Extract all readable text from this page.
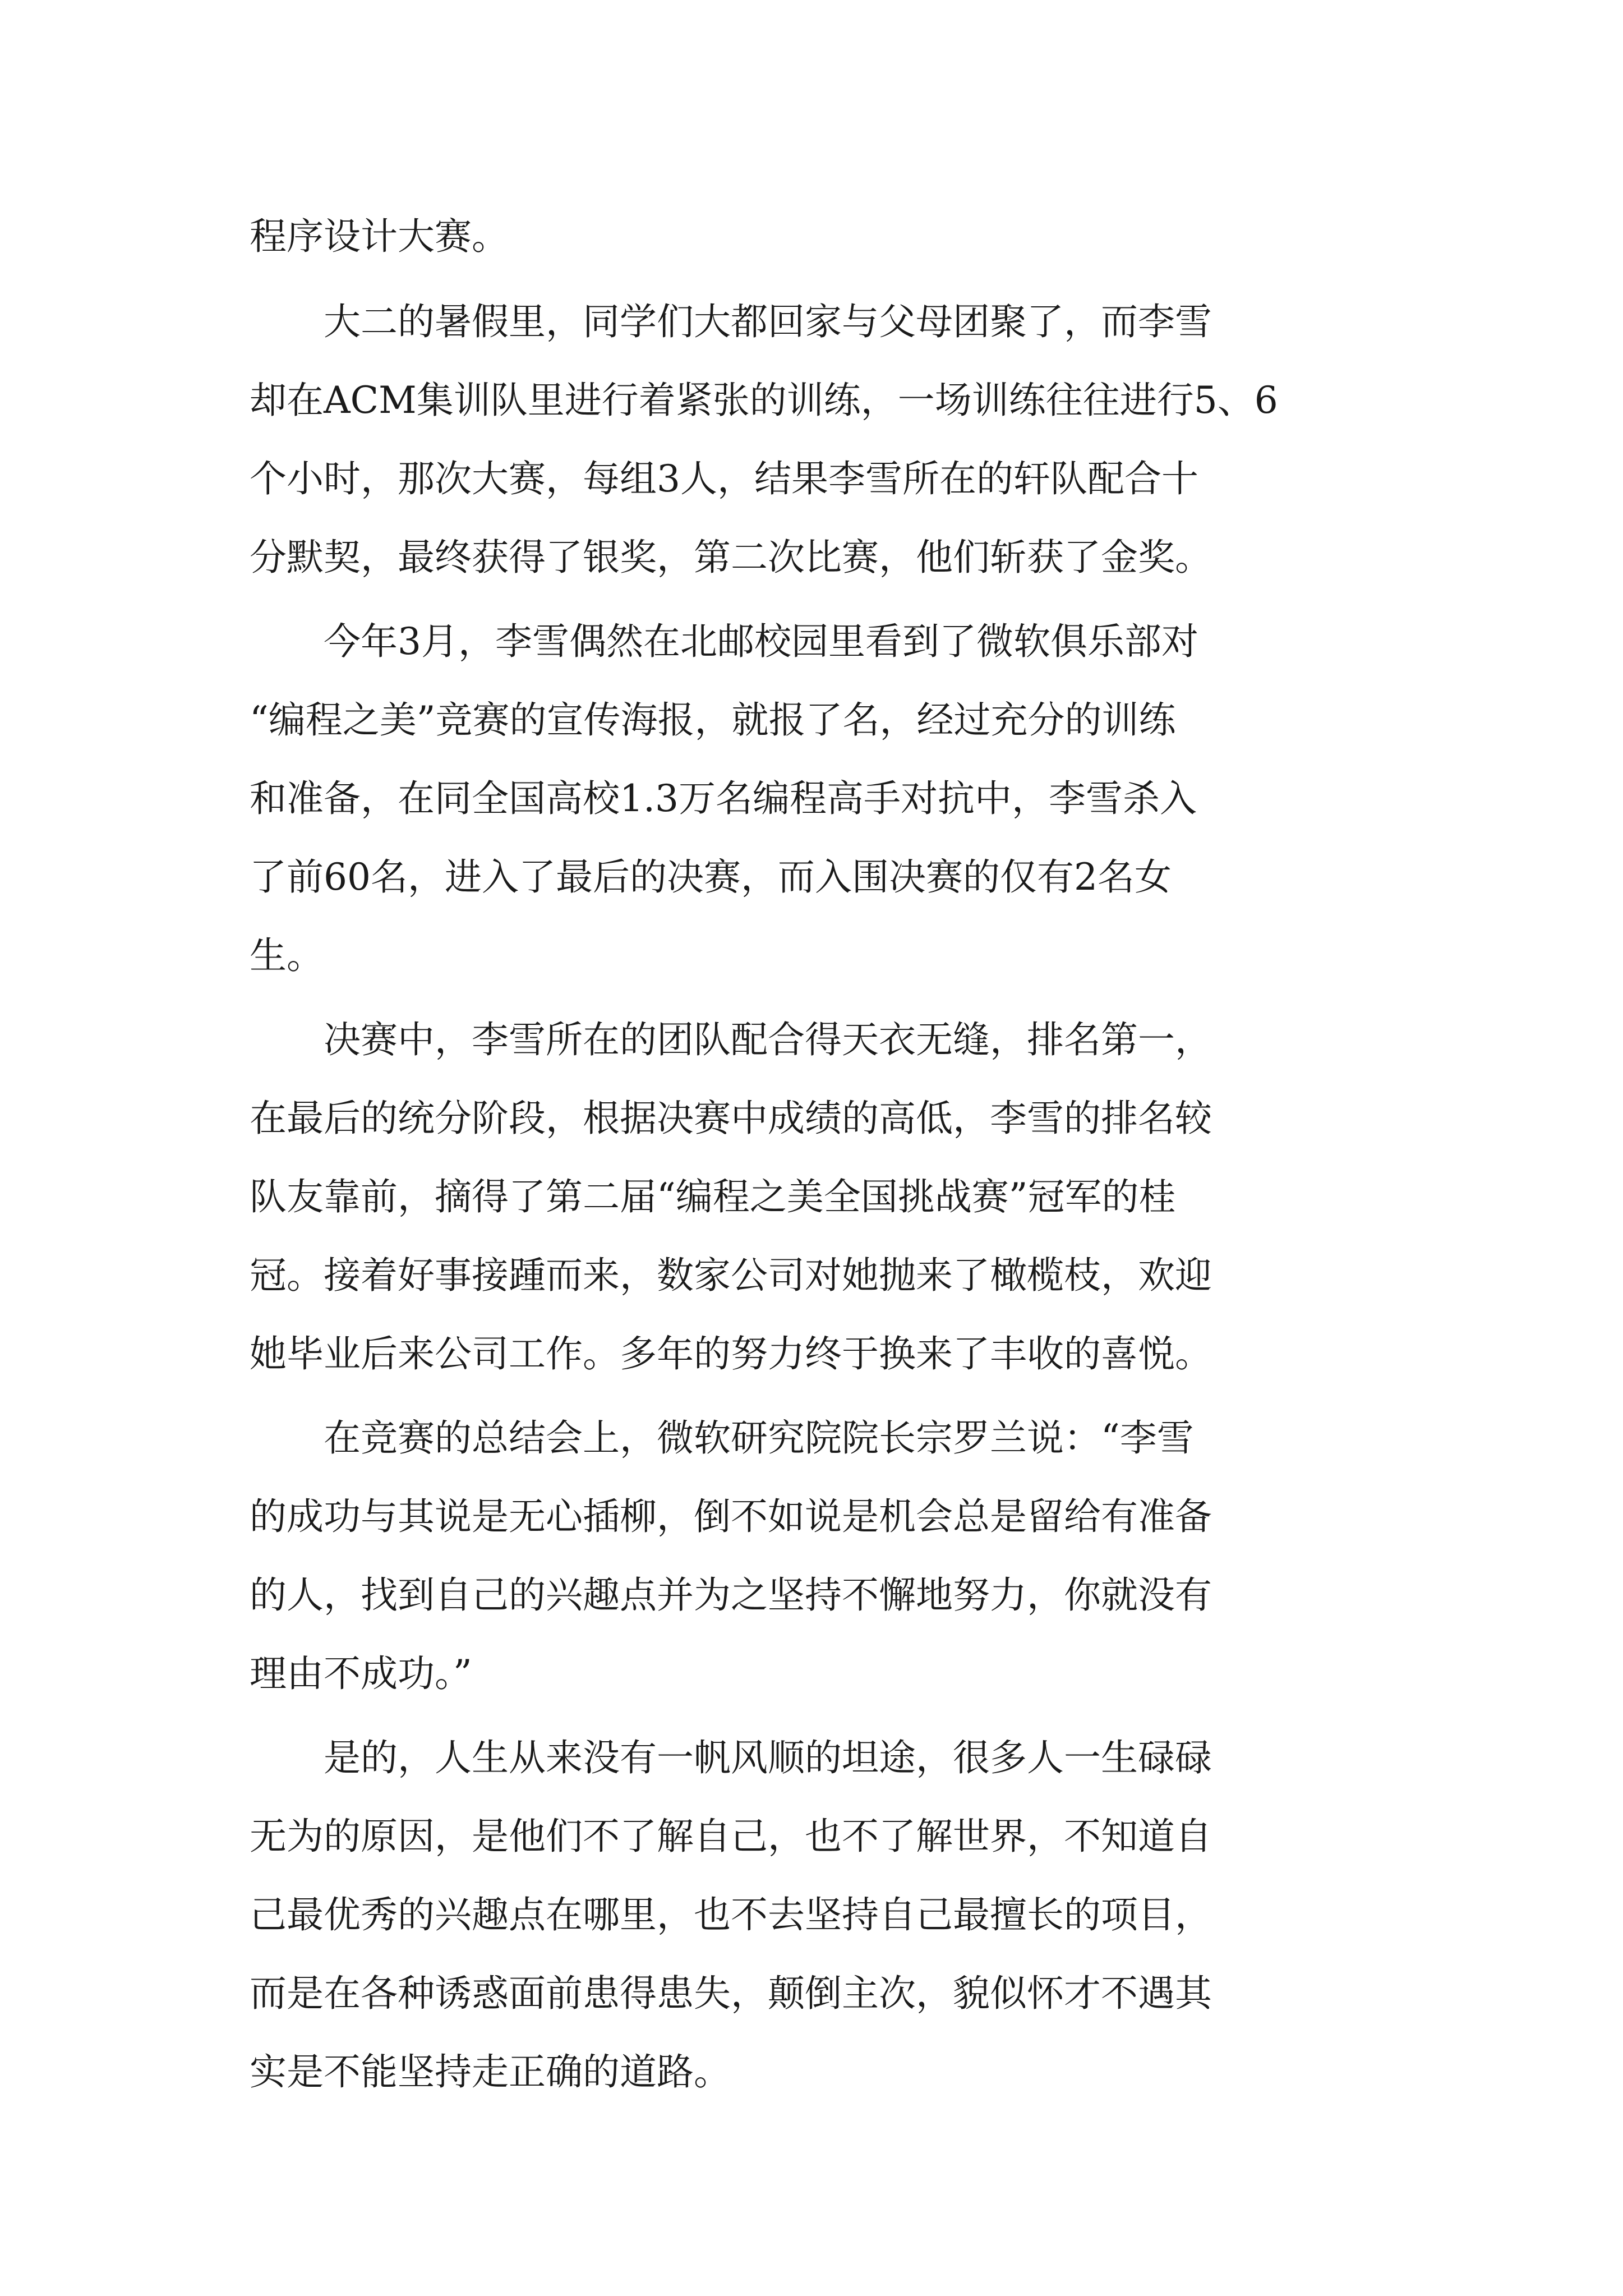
程序设计大赛。

　　大二的暑假里，同学们大都回家与父母团聚了，而李雪

却在ACM集训队里进行着紧张的训练，一场训练往往进行5、6

个小时，那次大赛，每组3人，结果李雪所在的轩队配合十

分默契，最终获得了银奖，第二次比赛，他们斩获了金奖。

　　今年3月，李雪偶然在北邮校园里看到了微软俱乐部对

“编程之美”竞赛的宣传海报，就报了名，经过充分的训练

和准备，在同全国高校1.3万名编程高手对抗中，李雪杀入

了前60名，进入了最后的决赛，而入围决赛的仅有2名女

生。

　　决赛中，李雪所在的团队配合得天衣无缝，排名第一，

在最后的统分阶段，根据决赛中成绩的高低，李雪的排名较

队友靠前，摘得了第二届“编程之美全国挑战赛”冠军的桂

冠。接着好事接踵而来，数家公司对她抛来了橄榄枝，欢迎

她毕业后来公司工作。多年的努力终于换来了丰收的喜悦。

　　在竞赛的总结会上，微软研究院院长宗罗兰说：“李雪

的成功与其说是无心插柳，倒不如说是机会总是留给有准备

的人，找到自己的兴趣点并为之坚持不懈地努力，你就没有

理由不成功。”

　　是的，人生从来没有一帆风顺的坦途，很多人一生碌碌

无为的原因，是他们不了解自己，也不了解世界，不知道自

己最优秀的兴趣点在哪里，也不去坚持自己最擅长的项目，

而是在各种诱惑面前患得患失，颠倒主次，貌似怀才不遇其

实是不能坚持走正确的道路。
